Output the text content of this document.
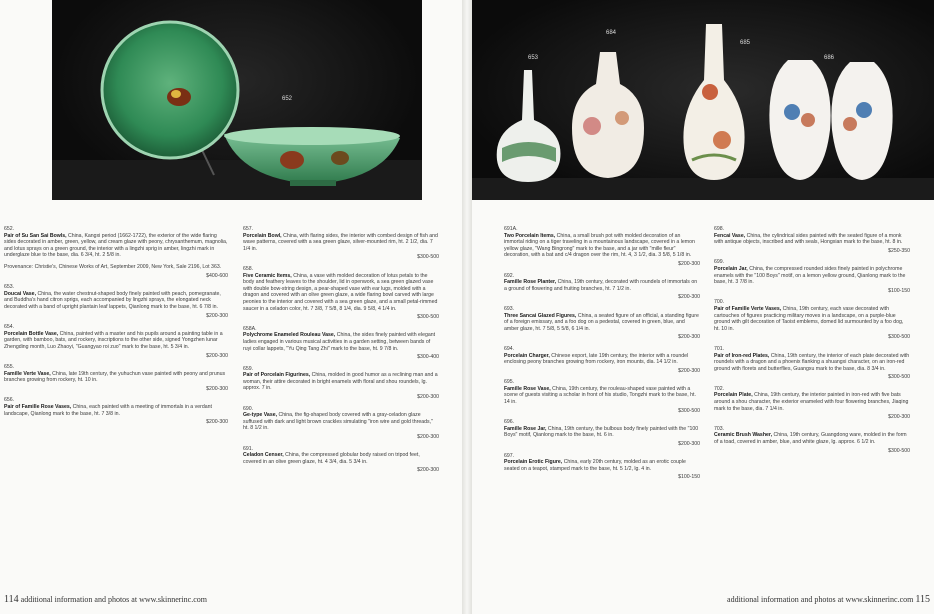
652
652.
Pair of Su San Sai Bowls, China, Kangxi period (1662-1722), the exterior of the wide flaring sides decorated in amber, green, yellow, and cream glaze with peony, chrysanthemum, magnolia, and lotus sprays on a green ground, the interior with a lingzhi sprig in amber, lingzhi mark in underglaze blue to the base, dia. 6 3/4, ht. 2 5/8 in.
Provenance: Christie's, Chinese Works of Art, September 2009, New York, Sale 2196, Lot 363.
$400-600
653.
Doucai Vase, China, the water chestnut-shaped body finely painted with peach, pomegranate, and Buddha's hand citron sprigs, each accompanied by lingzhi sprays, the elongated neck decorated with a band of upright plantain leaf lappets, Qianlong mark to the base, ht. 6 7/8 in.
$200-300
654.
Porcelain Bottle Vase, China, painted with a master and his pupils around a painting table in a garden, with bamboo, bats, and rockery, inscriptions to the other side, signed Yongzhen lunar Zhengding month, Luo Zhaoyi, "Guangyao roi zuo" mark to the base, ht. 5 3/4 in.
$200-300
655.
Famille Verte Vase, China, late 19th century, the yuhuchun vase painted with peony and prunus branches growing from rockery, ht. 10 in.
$200-300
656.
Pair of Famille Rose Vases, China, each painted with a meeting of immortals in a verdant landscape, Qianlong mark to the base, ht. 7 3/8 in.
$200-300
657.
Porcelain Bowl, China, with flaring sides, the interior with combed design of fish and wave patterns, covered with a sea green glaze, silver-mounted rim, ht. 2 1/2, dia. 7 1/4 in.
$300-500
658.
Five Ceramic Items, China, a vase with molded decoration of lotus petals to the body and feathery leaves to the shoulder, lid in openwork, a sea green glazed vase with double bow-string design, a pear-shaped vase with ear lugs, molded with a dragon and covered with an olive green glaze, a wide flaring bowl carved with large peonies to the interior and covered with a sea green glaze, and a small petal-rimmed saucer in a celadon color, ht. 7 3/8, 7 5/8, 8 1/4, dia. 9 5/8, 4 1/4 in.
$300-500
658A.
Polychrome Enameled Rouleau Vase, China, the sides finely painted with elegant ladies engaged in various musical activities in a garden setting, between bands of ruyi collar lappets, "Yu Qing Tang Zhi" mark to the base, ht. 9 7/8 in.
$300-400
659.
Pair of Porcelain Figurines, China, molded in good humor as a reclining man and a woman, their attire decorated in bright enamels with floral and shou roundels, lg. approx. 7 in.
$200-300
690.
Ge-type Vase, China, the fig-shaped body covered with a gray-celadon glaze suffused with dark and light brown crackles simulating "iron wire and gold threads," ht. 8 1/2 in.
$200-300
691.
Celadon Censer, China, the compressed globular body raised on tripod feet, covered in an olive green glaze, ht. 4 3/4, dia. 5 3/4 in.
$200-300
114 additional information and photos at www.skinnerinc.com
653
684
685
686
691A.
Two Porcelain Items, China, a small brush pot with molded decoration of an immortal riding on a tiger traveling in a mountainous landscape, covered in a lemon yellow glaze, "Wang Bingrong" mark to the base, and a jar with "mille fleur" decoration, with a bat and c/4 dragon over the rim, ht. 4, 3 1/2, dia. 3 5/8, 5 1/8 in.
$200-300
692.
Famille Rose Planter, China, 19th century, decorated with roundels of immortals on a ground of flowering and fruiting branches, ht. 7 1/2 in.
$200-300
693.
Three Sancai Glazed Figures, China, a seated figure of an official, a standing figure of a foreign emissary, and a foo dog on a pedestal, covered in green, blue, and amber glaze, ht. 7 5/8, 5 5/8, 6 1/4 in.
$200-300
694.
Porcelain Charger, Chinese export, late 19th century, the interior with a roundel enclosing peony branches growing from rockery, iron mounts, dia. 14 1/2 in.
$200-300
695.
Famille Rose Vase, China, 19th century, the rouleau-shaped vase painted with a scene of guests visiting a scholar in front of his studio, Tongzhi mark to the base, ht. 14 in.
$300-500
696.
Famille Rose Jar, China, 19th century, the bulbous body finely painted with the "100 Boys" motif, Qianlong mark to the base, ht. 6 in.
$200-300
697.
Porcelain Erotic Figure, China, early 20th century, molded as an erotic couple seated on a teapot, stamped mark to the base, ht. 5 1/2, lg. 4 in.
$100-150
698.
Fencai Vase, China, the cylindrical sides painted with the seated figure of a monk with antique objects, inscribed and with seals, Hongxian mark to the base, ht. 8 in.
$250-350
699.
Porcelain Jar, China, the compressed rounded sides finely painted in polychrome enamels with the "100 Boys" motif, on a lemon yellow ground, Qianlong mark to the base, ht. 3 7/8 in.
$100-150
700.
Pair of Famille Verte Vases, China, 19th century, each vase decorated with cartouches of figures practicing military moves in a landscape, on a purple-blue ground with gilt decoration of Taoist emblems, domed lid surmounted by a foo dog, ht. 10 in.
$300-500
701.
Pair of Iron-red Plates, China, 19th century, the interior of each plate decorated with roundels with a dragon and a phoenix flanking a shuangxi character, on an iron-red ground with florets and butterflies, Guangxu mark to the base, dia. 8 3/4 in.
$300-500
702.
Porcelain Plate, China, 19th century, the interior painted in iron-red with five bats around a shou character, the exterior enameled with four flowering branches, Jiaqing mark to the base, dia. 7 1/4 in.
$200-300
703.
Ceramic Brush Washer, China, 19th century, Guangdong ware, molded in the form of a toad, covered in amber, blue, and white glaze, lg. approx. 6 1/2 in.
$300-500
additional information and photos at www.skinnerinc.com 115
